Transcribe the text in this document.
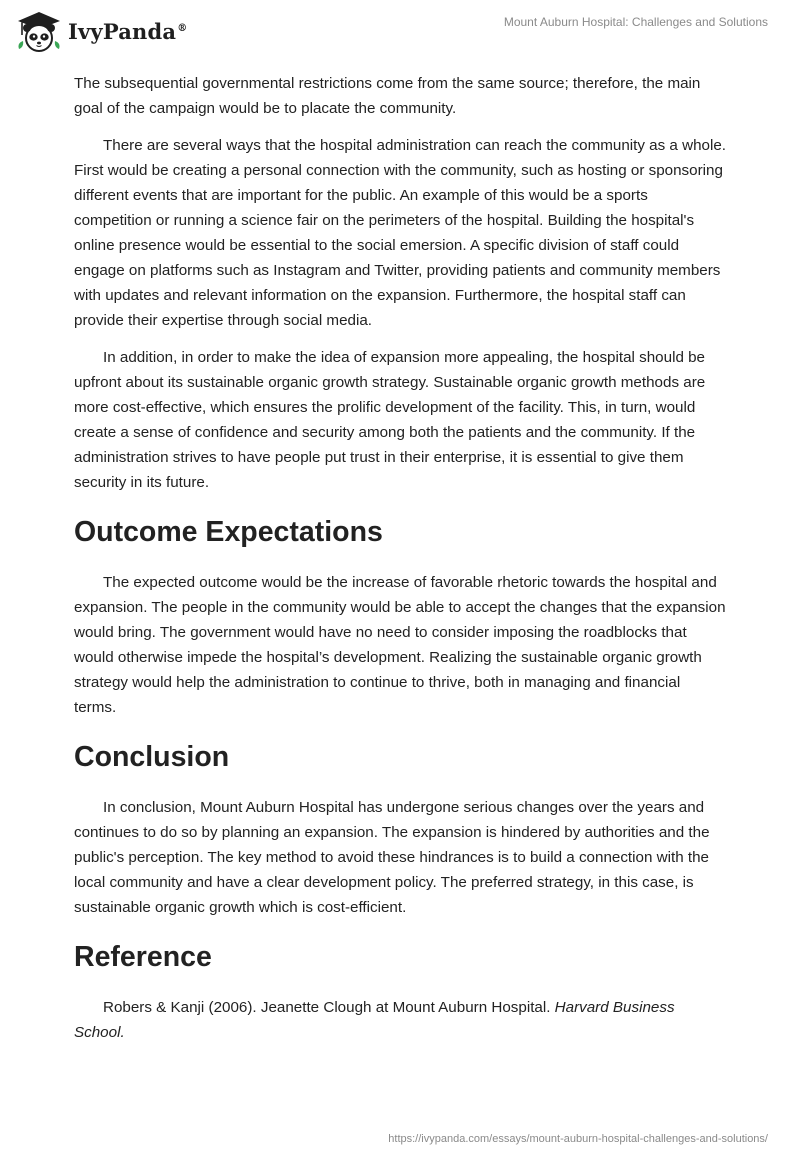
IvyPanda®	Mount Auburn Hospital: Challenges and Solutions

The subsequential governmental restrictions come from the same source; therefore, the main goal of the campaign would be to placate the community.

There are several ways that the hospital administration can reach the community as a whole. First would be creating a personal connection with the community, such as hosting or sponsoring different events that are important for the public. An example of this would be a sports competition or running a science fair on the perimeters of the hospital. Building the hospital's online presence would be essential to the social emersion. A specific division of staff could engage on platforms such as Instagram and Twitter, providing patients and community members with updates and relevant information on the expansion. Furthermore, the hospital staff can provide their expertise through social media.

In addition, in order to make the idea of expansion more appealing, the hospital should be upfront about its sustainable organic growth strategy. Sustainable organic growth methods are more cost-effective, which ensures the prolific development of the facility. This, in turn, would create a sense of confidence and security among both the patients and the community. If the administration strives to have people put trust in their enterprise, it is essential to give them security in its future.

Outcome Expectations

The expected outcome would be the increase of favorable rhetoric towards the hospital and expansion. The people in the community would be able to accept the changes that the expansion would bring. The government would have no need to consider imposing the roadblocks that would otherwise impede the hospital’s development. Realizing the sustainable organic growth strategy would help the administration to continue to thrive, both in managing and financial terms.

Conclusion

In conclusion, Mount Auburn Hospital has undergone serious changes over the years and continues to do so by planning an expansion. The expansion is hindered by authorities and the public's perception. The key method to avoid these hindrances is to build a connection with the local community and have a clear development policy. The preferred strategy, in this case, is sustainable organic growth which is cost-efficient.

Reference

Robers & Kanji (2006). Jeanette Clough at Mount Auburn Hospital. Harvard Business School.

https://ivypanda.com/essays/mount-auburn-hospital-challenges-and-solutions/
